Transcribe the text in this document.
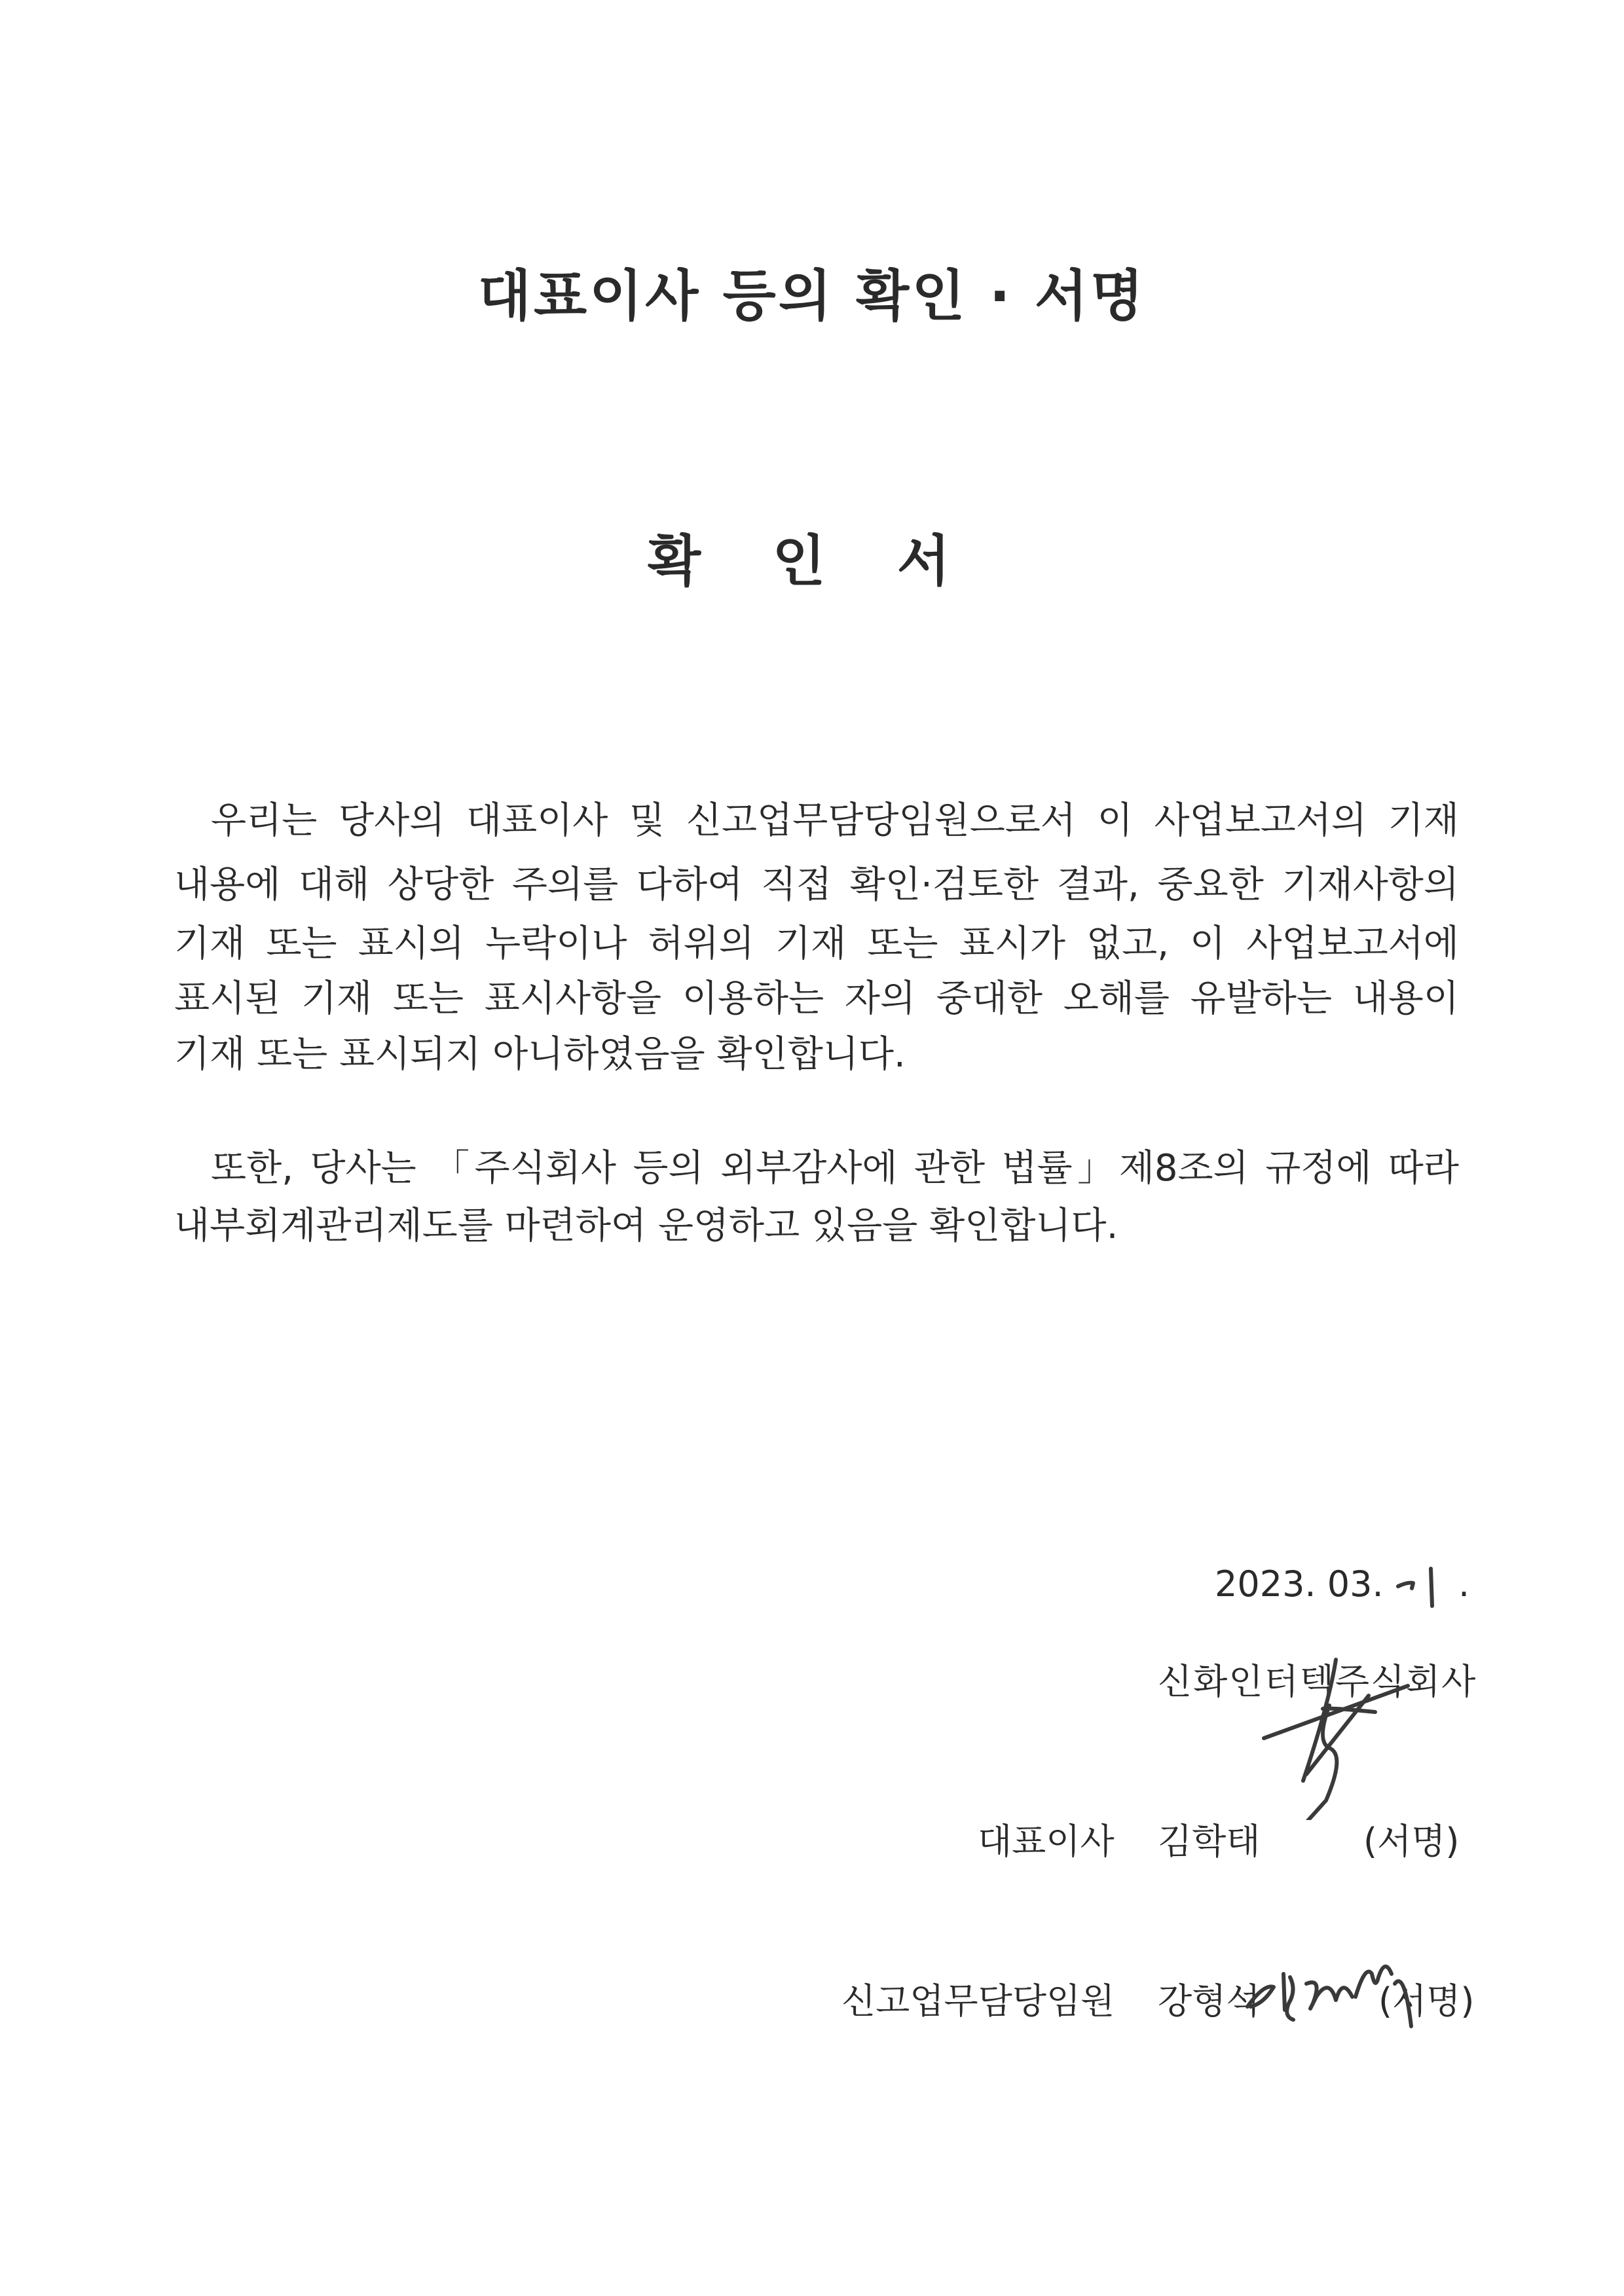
대표이사 등의 확인 · 서명
확 인 서
우리는 당사의 대표이사 및 신고업무담당임원으로서 이 사업보고서의 기재
내용에 대해 상당한 주의를 다하여 직접 확인·검토한 결과, 중요한 기재사항의
기재 또는 표시의 누락이나 허위의 기재 또는 표시가 없고, 이 사업보고서에
표시된 기재 또는 표시사항을 이용하는 자의 중대한 오해를 유발하는 내용이
기재 또는 표시되지 아니하였음을 확인합니다.
또한, 당사는 「주식회사 등의 외부감사에 관한 법률」제8조의 규정에 따라
내부회계관리제도를 마련하여 운영하고 있음을 확인합니다.
2023. 03. .
신화인터텍주식회사
대표이사 김학태	(서명)
신고업무담당임원 강형석	(서명)
